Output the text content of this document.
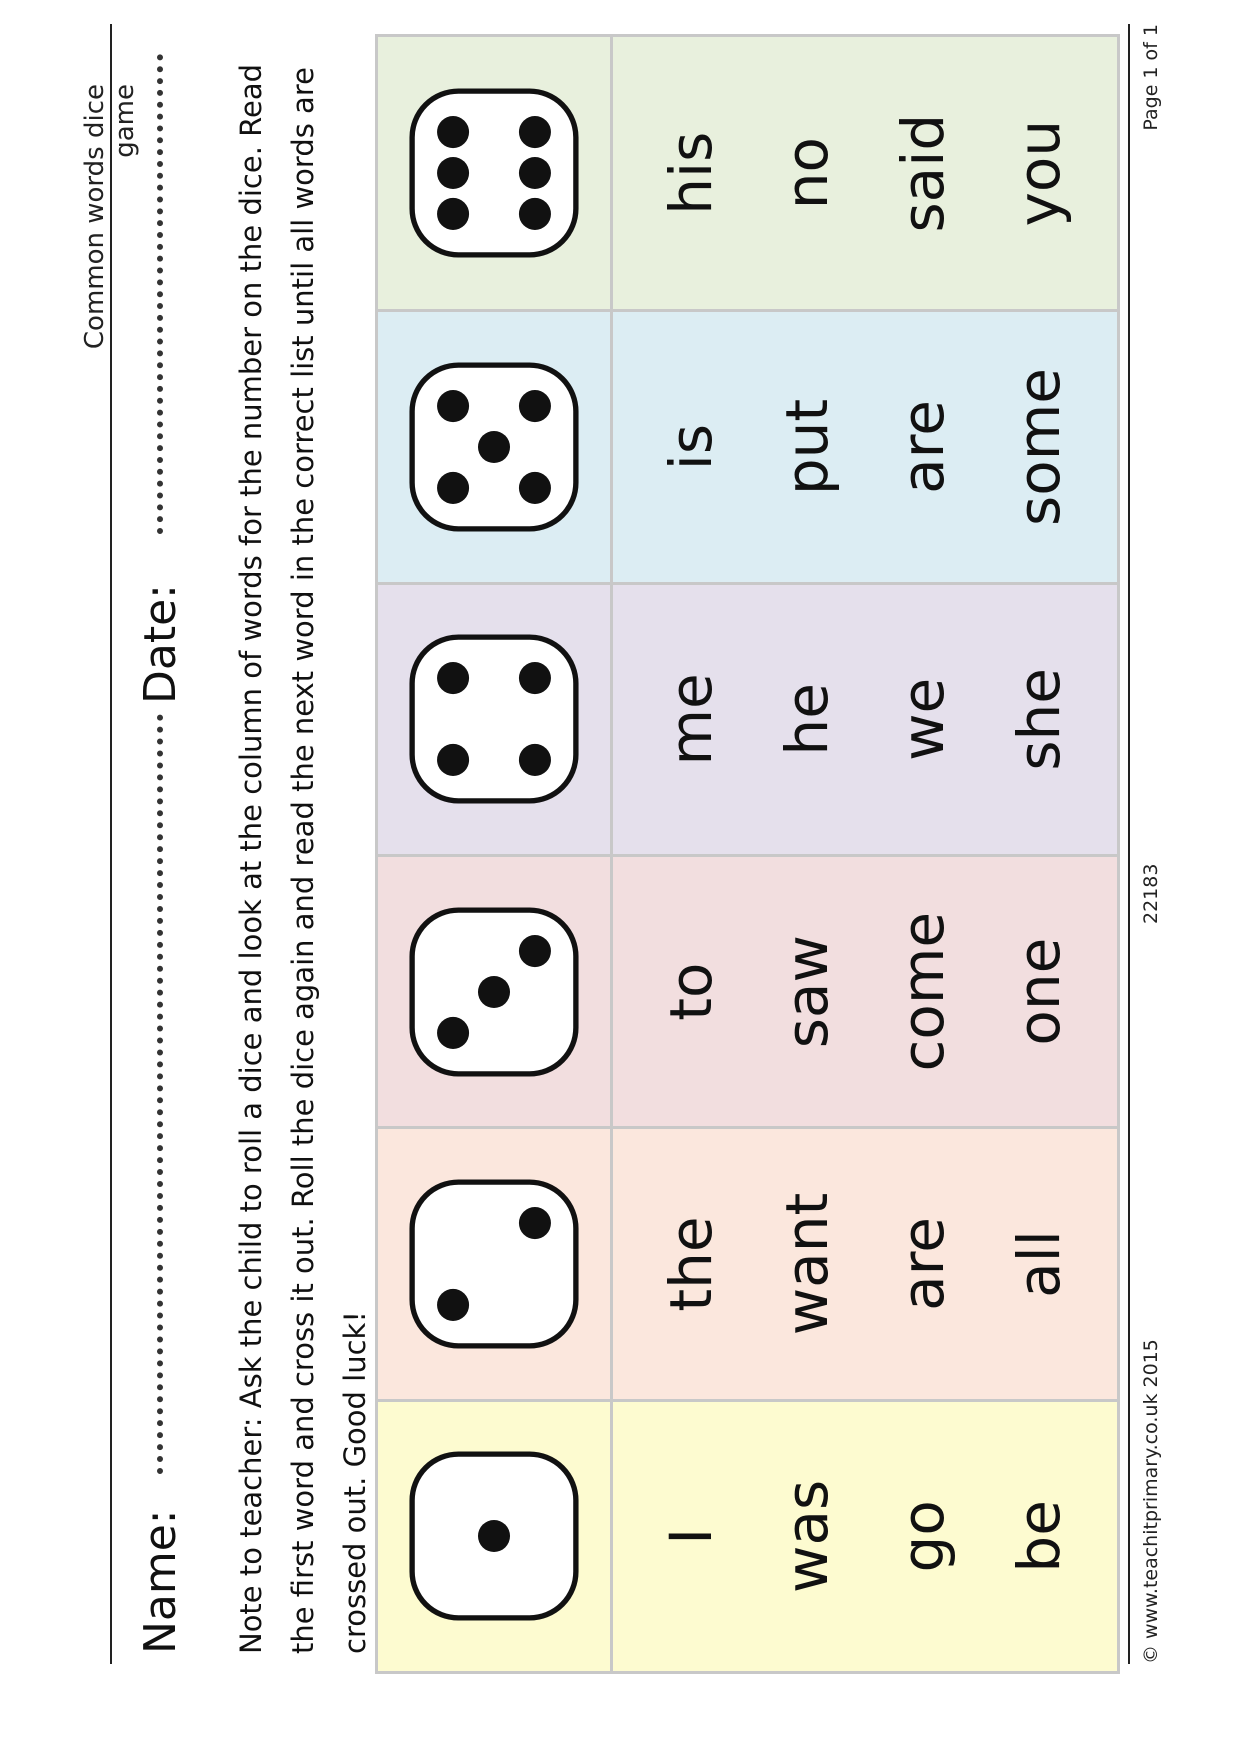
Common words dice game
Name:
Date:	Note to teacher: Ask the child to roll a dice and look at the column of words for the number on the dice. Read the first word and cross it out. Roll the dice again and read the next word in the correct list until all words are crossed out. Good luck!	I was go be
the want are all
to saw come one
me he we she
is put are some
his no said you
© www.teachitprimary.co.uk 2015
22183
Page 1 of 1
